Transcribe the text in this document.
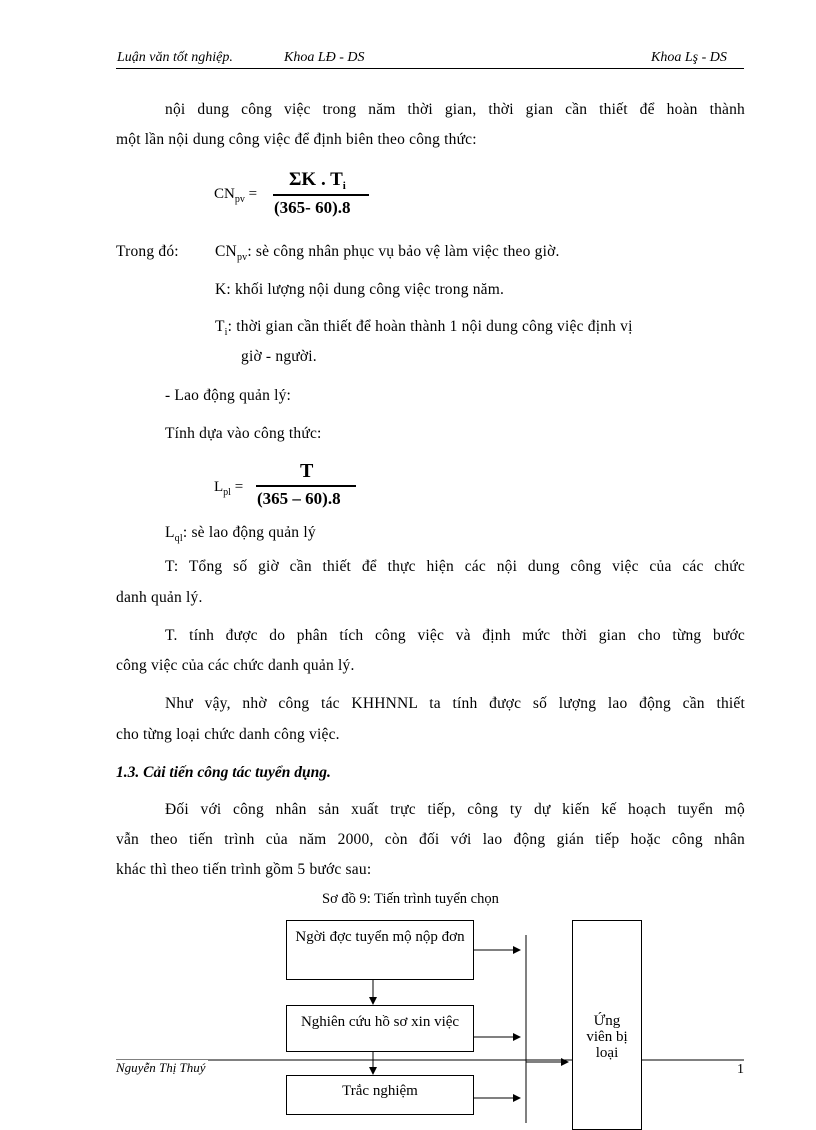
Luận văn tốt nghiệp.	Khoa LĐ - DS	Khoa Lş - DS
nội dung công việc trong năm thời gian, thời gian cần thiết để hoàn thành
một lần nội dung công việc để định biên theo công thức:
$CN_{pv}$ =
ΣK . $T_i$
(365- 60).8
Trong đó: $CN_{pv}$: sè công nhân phục vụ bảo vệ làm việc theo giờ.
K: khối lượng nội dung công việc trong năm.
$T_i$: thời gian cần thiết để hoàn thành 1 nội dung công việc định vị
giờ - người.
- Lao động quản lý:
Tính dựa vào công thức:
$L_{pl}$ =
T
(365 – 60).8
$L_{ql}$: sè lao động quản lý
T: Tổng số giờ cần thiết để thực hiện các nội dung công việc của các chức
danh quản lý.
T. tính được do phân tích công việc và định mức thời gian cho từng bước
công việc của các chức danh quản lý.
Như vậy, nhờ công tác KHHNNL ta tính được số lượng lao động cần thiết
cho từng loại chức danh công việc.
1.3. Cải tiến công tác tuyển dụng.
Đối với công nhân sản xuất trực tiếp, công ty dự kiến kế hoạch tuyển mộ
vẫn theo tiến trình của năm 2000, còn đối với lao động gián tiếp hoặc công nhân
khác thì theo tiến trình gồm 5 bước sau:
Sơ đồ 9: Tiến trình tuyển chọn
Ngời đợc tuyển mộ nộp đơn
Nghiên cứu hồ sơ xin việc
Trắc nghiệm
Ứng viên bị loại
Nguyễn Thị Thuý	1
